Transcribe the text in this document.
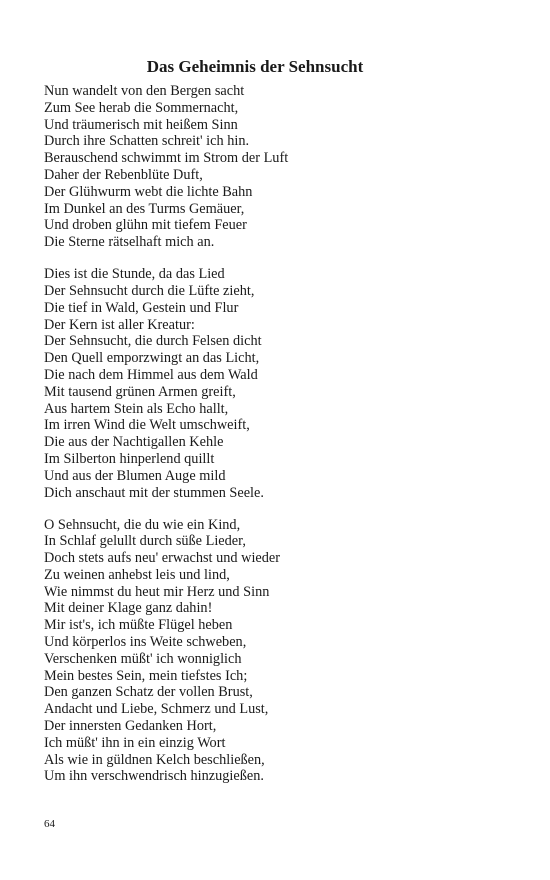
Das Geheimnis der Sehnsucht
Nun wandelt von den Bergen sacht
Zum See herab die Sommernacht,
Und träumerisch mit heißem Sinn
Durch ihre Schatten schreit' ich hin.
Berauschend schwimmt im Strom der Luft
Daher der Rebenblüte Duft,
Der Glühwurm webt die lichte Bahn
Im Dunkel an des Turms Gemäuer,
Und droben glühn mit tiefem Feuer
Die Sterne rätselhaft mich an.
Dies ist die Stunde, da das Lied
Der Sehnsucht durch die Lüfte zieht,
Die tief in Wald, Gestein und Flur
Der Kern ist aller Kreatur:
Der Sehnsucht, die durch Felsen dicht
Den Quell emporzwingt an das Licht,
Die nach dem Himmel aus dem Wald
Mit tausend grünen Armen greift,
Aus hartem Stein als Echo hallt,
Im irren Wind die Welt umschweift,
Die aus der Nachtigallen Kehle
Im Silberton hinperlend quillt
Und aus der Blumen Auge mild
Dich anschaut mit der stummen Seele.
O Sehnsucht, die du wie ein Kind,
In Schlaf gelullt durch süße Lieder,
Doch stets aufs neu' erwachst und wieder
Zu weinen anhebst leis und lind,
Wie nimmst du heut mir Herz und Sinn
Mit deiner Klage ganz dahin!
Mir ist's, ich müßte Flügel heben
Und körperlos ins Weite schweben,
Verschenken müßt' ich wonniglich
Mein bestes Sein, mein tiefstes Ich;
Den ganzen Schatz der vollen Brust,
Andacht und Liebe, Schmerz und Lust,
Der innersten Gedanken Hort,
Ich müßt' ihn in ein einzig Wort
Als wie in güldnen Kelch beschließen,
Um ihn verschwendrisch hinzugießen.
64
